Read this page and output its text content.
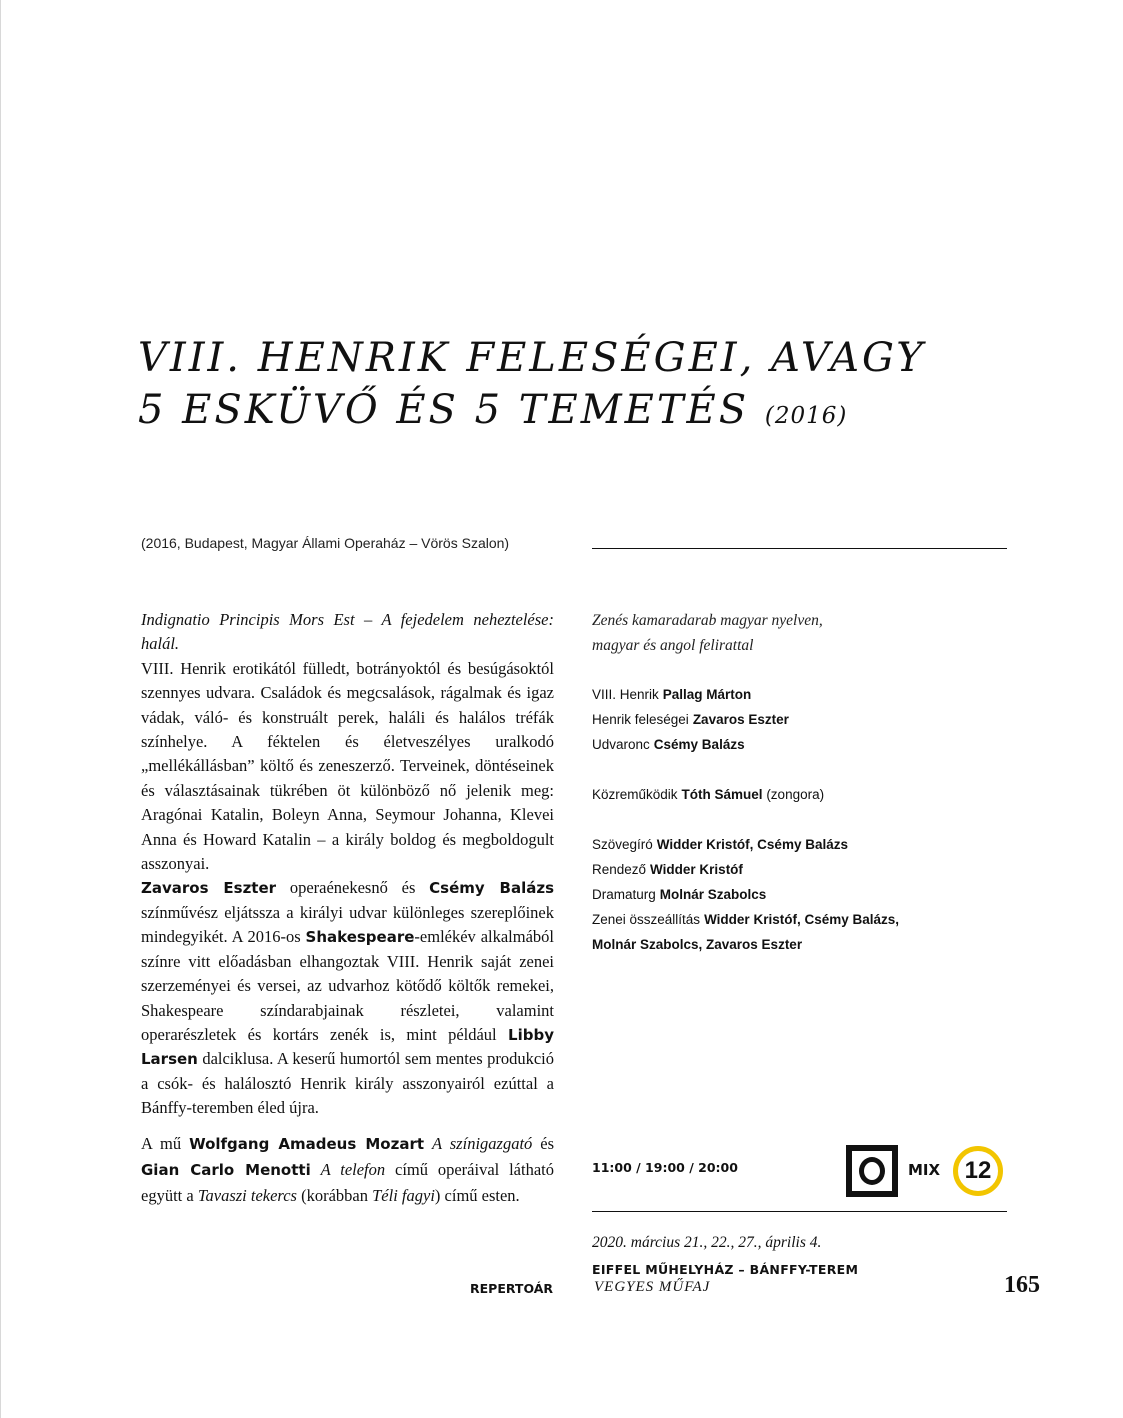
VIII. HENRIK FELESÉGEI, AVAGY
5 ESKÜVŐ ÉS 5 TEMETÉS (2016)
(2016, Budapest, Magyar Állami Operaház – Vörös Szalon)

Indignatio Principis Mors Est – A fejedelem neheztelése: halál.

VIII. Henrik erotikától fülledt, botrányoktól és besúgásoktól szennyes udvara. Családok és megcsalások, rágalmak és igaz vádak, váló- és konstruált perek, haláli és halálos tréfák színhelye. A féktelen és életveszélyes uralkodó „mellékállásban” költő és zeneszerző. Terveinek, döntéseinek és választásainak tükrében öt különböző nő jelenik meg: Aragónai Katalin, Boleyn Anna, Seymour Johanna, Klevei Anna és Howard Katalin – a király boldog és megboldogult asszonyai.

Zavaros Eszter operaénekesnő és Csémy Balázs színművész eljátssza a királyi udvar különleges szereplőinek mindegyikét. A 2016-os Shakespeare-emlékév alkalmából színre vitt előadásban elhangoztak VIII. Henrik saját zenei szerzeményei és versei, az udvarhoz kötődő költők remekei, Shakespeare színdarabjainak részletei, valamint operarészletek és kortárs zenék is, mint például Libby Larsen dalciklusa. A keserű humortól sem mentes produkció a csók- és halálosztó Henrik király asszonyairól ezúttal a Bánffy-teremben éled újra.

A mű Wolfgang Amadeus Mozart A színigazgató és Gian Carlo Menotti A telefon című operáival látható együtt a Tavaszi tekercs (korábban Téli fagyi) című esten.

Zenés kamaradarab magyar nyelven,
magyar és angol felirattal
VIII. Henrik Pallag Márton
Henrik feleségei Zavaros Eszter
Udvaronc Csémy Balázs
Közreműködik Tóth Sámuel (zongora)
Szövegíró Widder Kristóf, Csémy Balázs
Rendező Widder Kristóf
Dramaturg Molnár Szabolcs
Zenei összeállítás Widder Kristóf, Csémy Balázs,
Molnár Szabolcs, Zavaros Eszter
11:00 / 19:00 / 20:00	MIX	12
2020. március 21., 22., 27., április 4.
EIFFEL MŰHELYHÁZ – BÁNFFY-TEREM
REPERTOÁR	VEGYES MŰFAJ	165
